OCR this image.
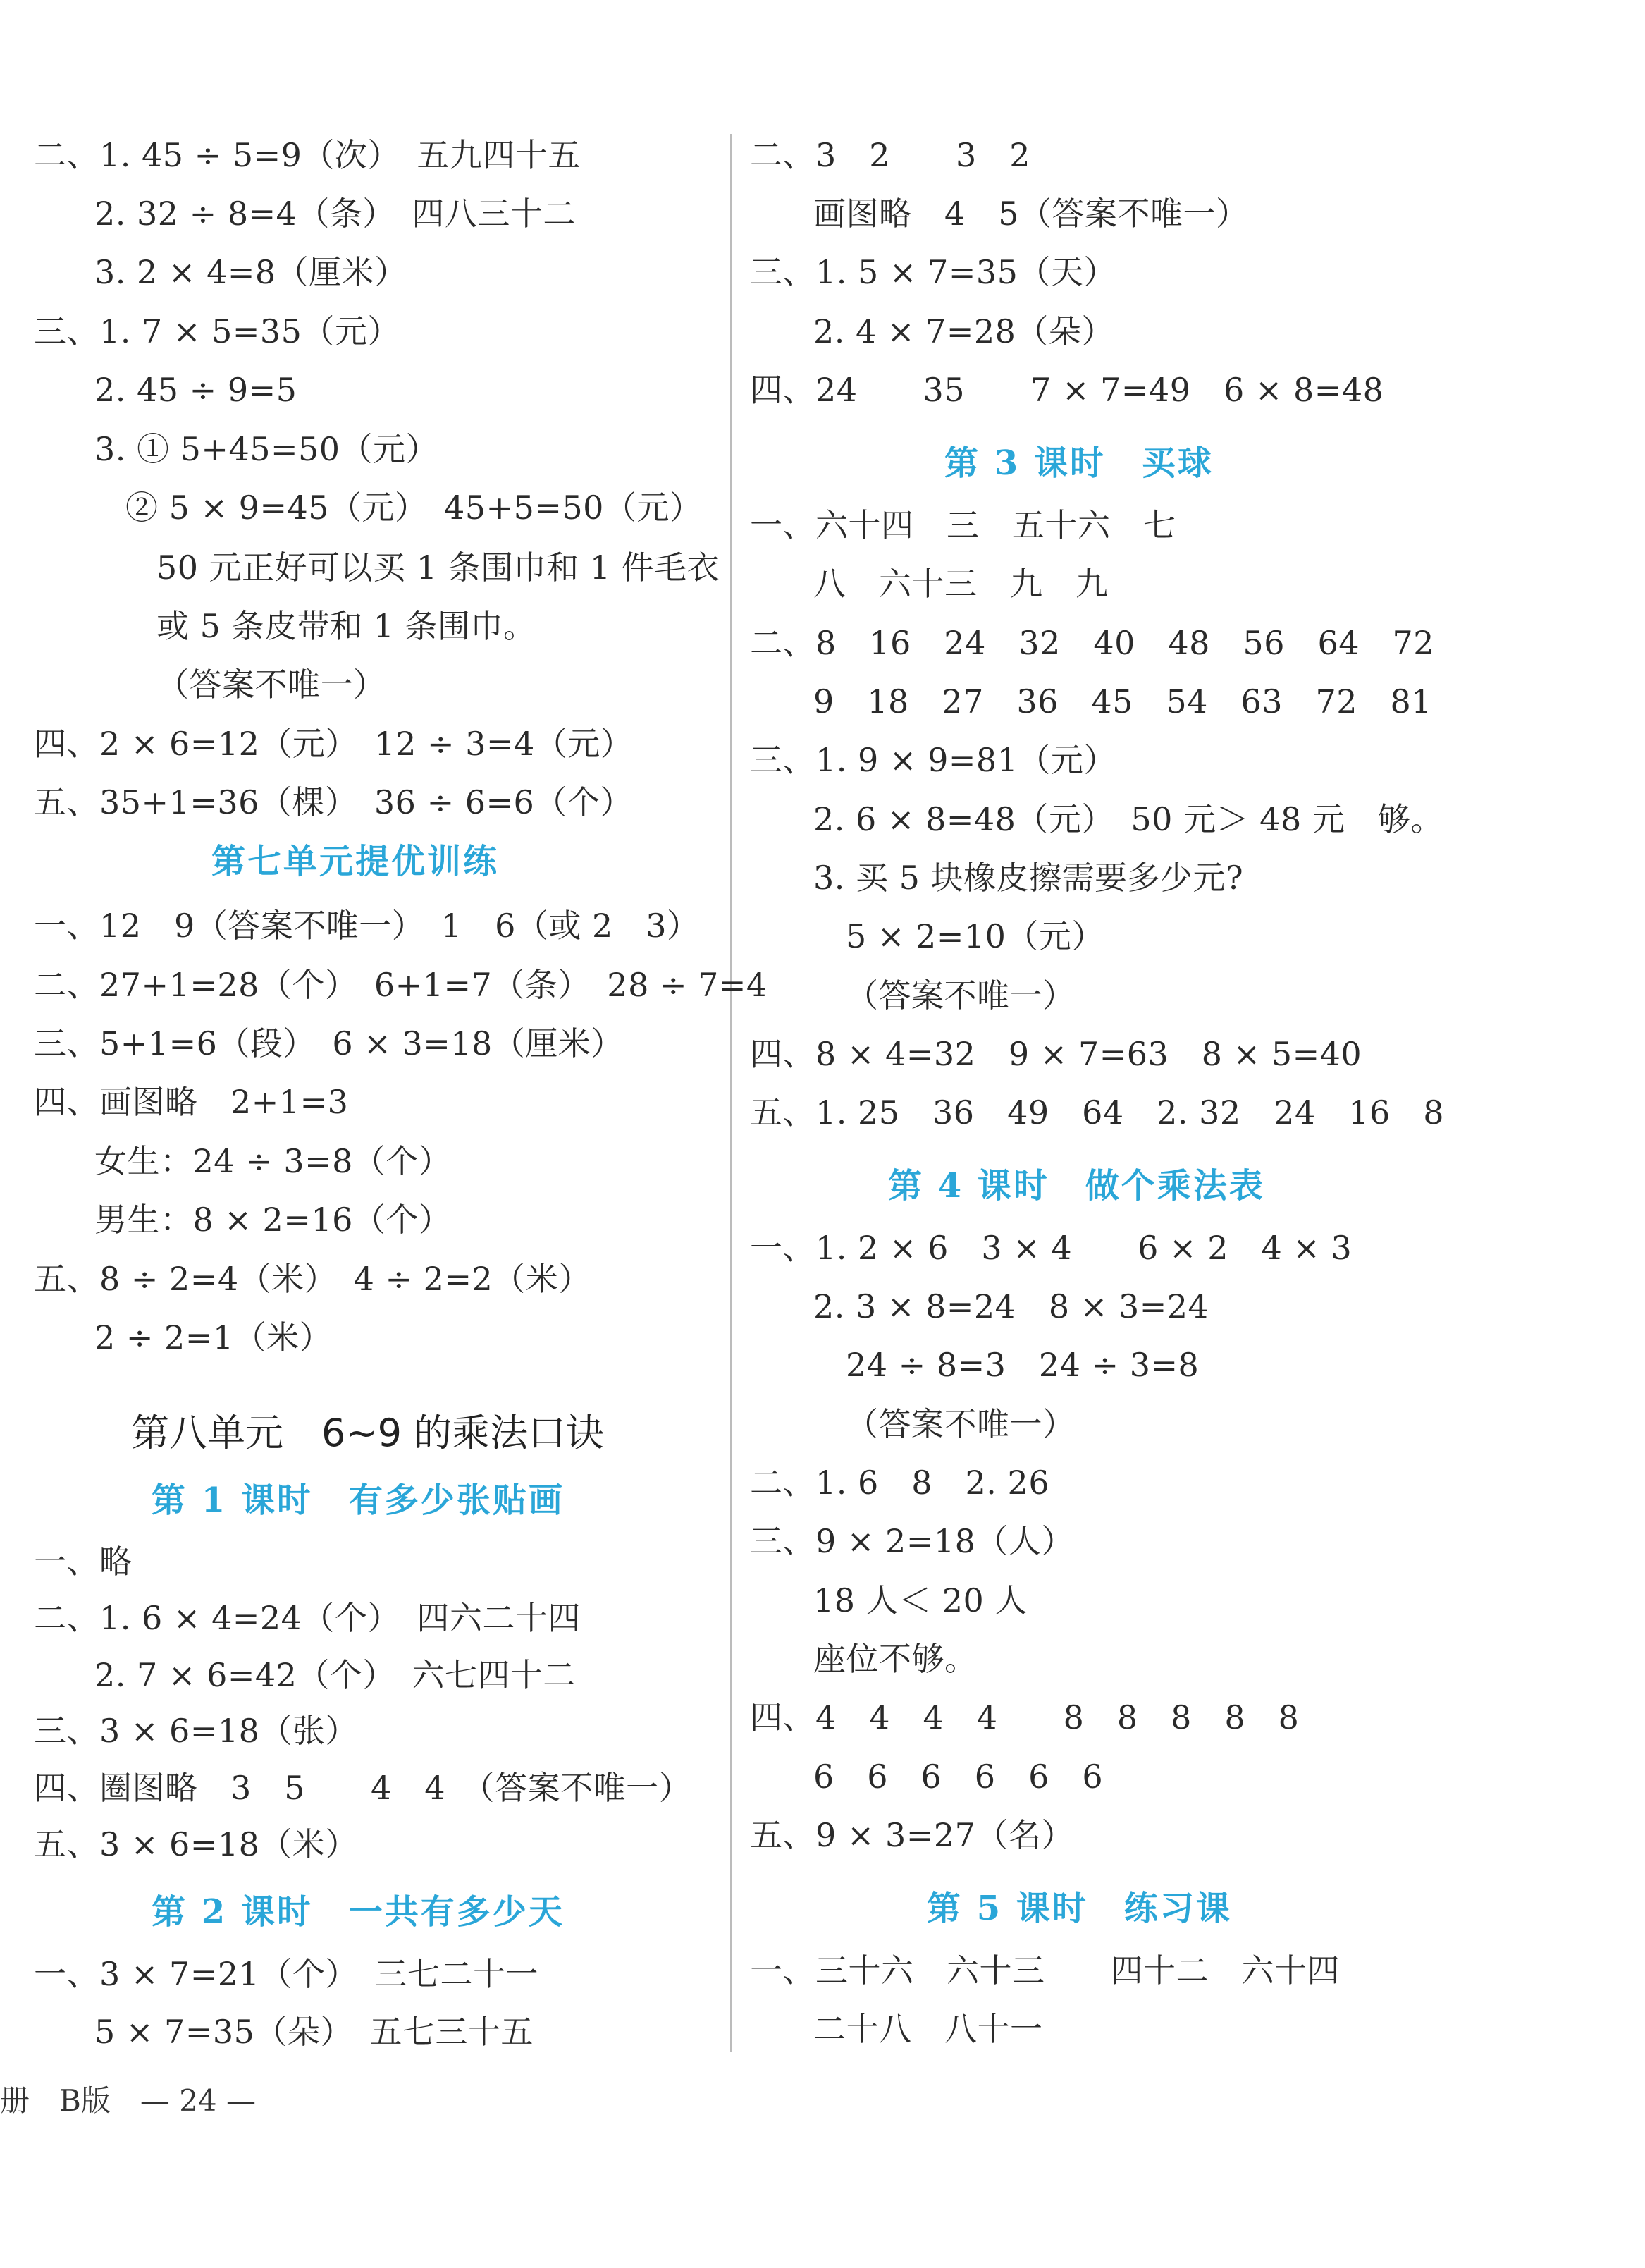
二、1. 45 ÷ 5=9（次）　五九四十五
2. 32 ÷ 8=4（条）　四八三十二
3. 2 × 4=8（厘米）
三、1. 7 × 5=35（元）
2. 45 ÷ 9=5
3. ① 5+45=50（元）
② 5 × 9=45（元）　45+5=50（元）
50 元正好可以买 1 条围巾和 1 件毛衣
或 5 条皮带和 1 条围巾。
（答案不唯一）
四、2 × 6=12（元）　12 ÷ 3=4（元）
五、35+1=36（棵）　36 ÷ 6=6（个）
第七单元提优训练
一、12　9（答案不唯一）　1　6（或 2　3）
二、27+1=28（个）　6+1=7（条）　28 ÷ 7=4
三、5+1=6（段）　6 × 3=18（厘米）
四、画图略　2+1=3
女生：24 ÷ 3=8（个）
男生：8 × 2=16（个）
五、8 ÷ 2=4（米）　4 ÷ 2=2（米）
2 ÷ 2=1（米）
第八单元　6~9 的乘法口诀
第 1 课时　有多少张贴画
一、略
二、1. 6 × 4=24（个）　四六二十四
2. 7 × 6=42（个）　六七四十二
三、3 × 6=18（张）
四、圈图略　3　5　　4　4　（答案不唯一）
五、3 × 6=18（米）
第 2 课时　一共有多少天
一、3 × 7=21（个）　三七二十一
5 × 7=35（朵）　五七三十五
二、3　2　　3　2
画图略　4　5（答案不唯一）
三、1. 5 × 7=35（天）
2. 4 × 7=28（朵）
四、24　　35　　7 × 7=49　6 × 8=48
第 3 课时　买球
一、六十四　三　五十六　七
八　六十三　九　九
二、8　16　24　32　40　48　56　64　72
9　18　27　36　45　54　63　72　81
三、1. 9 × 9=81（元）
2. 6 × 8=48（元）　50 元＞ 48 元　够。
3. 买 5 块橡皮擦需要多少元?
5 × 2=10（元）
（答案不唯一）
四、8 × 4=32　9 × 7=63　8 × 5=40
五、1. 25　36　49　64　2. 32　24　16　8
第 4 课时　做个乘法表
一、1. 2 × 6　3 × 4　　6 × 2　4 × 3
2. 3 × 8=24　8 × 3=24
24 ÷ 8=3　24 ÷ 3=8
（答案不唯一）
二、1. 6　8　2. 26
三、9 × 2=18（人）
18 人＜ 20 人
座位不够。
四、4　4　4　4　　8　8　8　8　8
6　6　6　6　6　6
五、9 × 3=27（名）
第 5 课时　练习课
一、三十六　六十三　　四十二　六十四
二十八　八十一
册　B版　— 24 —
